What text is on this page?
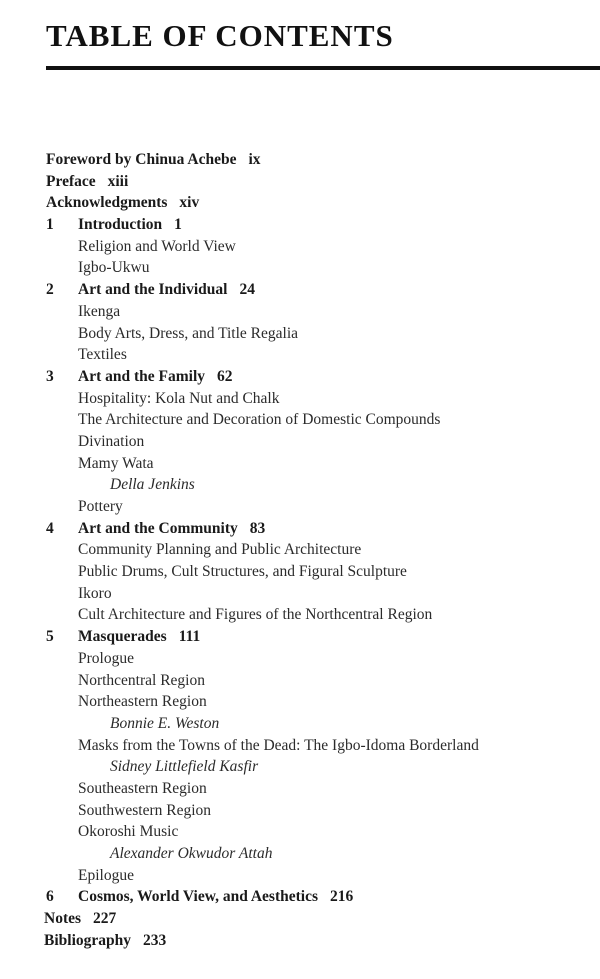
TABLE OF CONTENTS
Foreword by Chinua Achebe ix
Preface xiii
Acknowledgments xiv
1 Introduction 1
Religion and World View
Igbo-Ukwu
2 Art and the Individual 24
Ikenga
Body Arts, Dress, and Title Regalia
Textiles
3 Art and the Family 62
Hospitality: Kola Nut and Chalk
The Architecture and Decoration of Domestic Compounds
Divination
Mamy Wata
Della Jenkins
Pottery
4 Art and the Community 83
Community Planning and Public Architecture
Public Drums, Cult Structures, and Figural Sculpture
Ikoro
Cult Architecture and Figures of the Northcentral Region
5 Masquerades 111
Prologue
Northcentral Region
Northeastern Region
Bonnie E. Weston
Masks from the Towns of the Dead: The Igbo-Idoma Borderland
Sidney Littlefield Kasfir
Southeastern Region
Southwestern Region
Okoroshi Music
Alexander Okwudor Attah
Epilogue
6 Cosmos, World View, and Aesthetics 216
Notes 227
Bibliography 233
